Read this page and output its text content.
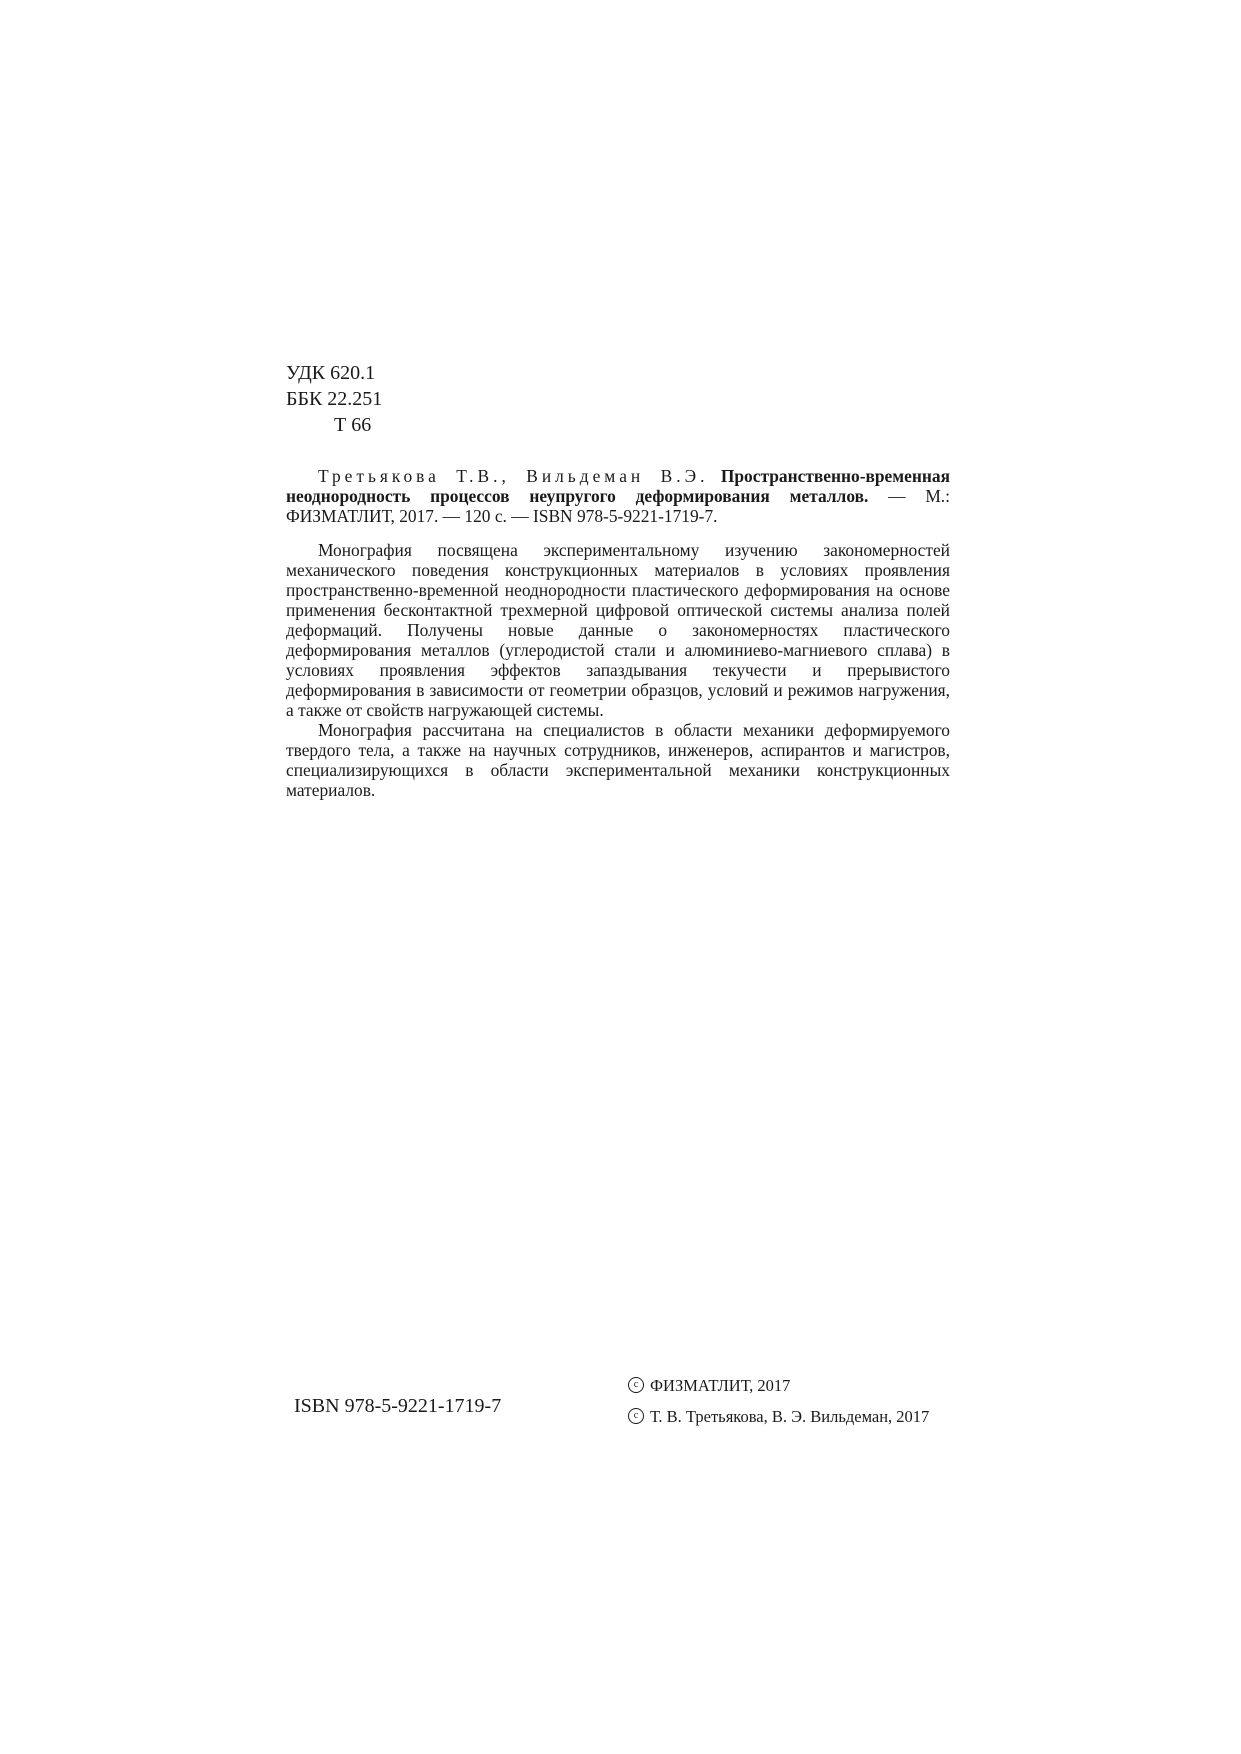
УДК 620.1
ББК 22.251
Т 66

Третьякова Т.В., Вильдеман В.Э. Пространственно-временная неоднородность процессов неупругого деформирования металлов. — М.: ФИЗМАТЛИТ, 2017. — 120 с. — ISBN 978-5-9221-1719-7.

Монография посвящена экспериментальному изучению закономерностей механического поведения конструкционных материалов в условиях проявления пространственно-временной неоднородности пластического деформирования на основе применения бесконтактной трехмерной цифровой оптической системы анализа полей деформаций. Получены новые данные о закономерностях пластического деформирования металлов (углеродистой стали и алюминиево-магниевого сплава) в условиях проявления эффектов запаздывания текучести и прерывистого деформирования в зависимости от геометрии образцов, условий и режимов нагружения, а также от свойств нагружающей системы.

Монография рассчитана на специалистов в области механики деформируемого твердого тела, а также на научных сотрудников, инженеров, аспирантов и магистров, специализирующихся в области экспериментальной механики конструкционных материалов.

ISBN 978-5-9221-1719-7
c ФИЗМАТЛИТ, 2017
c Т. В. Третьякова, В. Э. Вильдеман, 2017
